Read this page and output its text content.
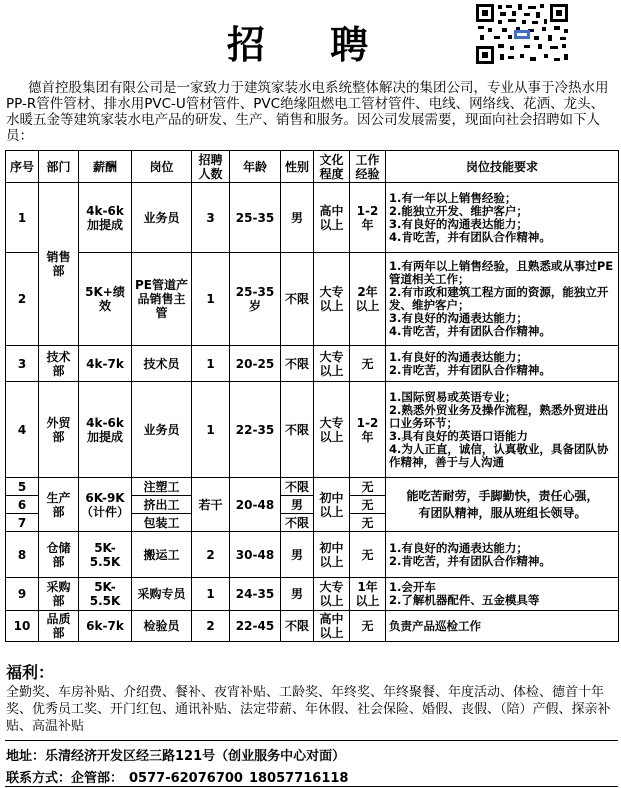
招 聘
德首控股集团有限公司是一家致力于建筑家装水电系统整体解决的集团公司，专业从事于冷热水用PP-R管件管材、排水用PVC-U管材管件、PVC绝缘阻燃电工管材管件、电线、网络线、花洒、龙头、水暖五金等建筑家装水电产品的研发、生产、销售和服务。因公司发展需要，现面向社会招聘如下人员：
序号	部门	薪酬	岗位	招聘人数	年龄	性别	文化程度	工作经验	岗位技能要求
1	销售部	4k-6k加提成	业务员	3	25-35	男	高中以上	1-2年	1.有一年以上销售经验；
2.能独立开发、维护客户；
3.有良好的沟通表达能力；
4.肯吃苦，并有团队合作精神。

2		5K+绩效	PE管道产品销售主管	1	25-35岁	不限	大专以上	2年以上	1.有两年以上销售经验，且熟悉或从事过PE管道相关工作；
2.有市政和建筑工程方面的资源，能独立开发、维护客户；
3.有良好的沟通表达能力；
4.肯吃苦，并有团队合作精神。

3	技术部	4k-7k	技术员	1	20-25	不限	大专以上	无	1.有良好的沟通表达能力；
2.肯吃苦，并有团队合作精神。

4	外贸部	4k-6k加提成	业务员	1	22-35	不限	大专以上	1-2年	1.国际贸易或英语专业；
2.熟悉外贸业务及操作流程，熟悉外贸进出口业务环节；
3.具有良好的英语口语能力
4.为人正直，诚信，认真敬业，具备团队协作精神，善于与人沟通

5	生产部	6K-9K（计件）	注塑工	若干	20-48	不限	初中以上	无	能吃苦耐劳，手脚勤快，责任心强，
有团队精神，服从班组长领导。

6			挤出工			男		无	
7			包装工			不限		无	
8	仓储部	5K-5.5K	搬运工	2	30-48	男	初中以上	无	1.有良好的沟通表达能力；
2.肯吃苦，并有团队合作精神。

9	采购部	5K-5.5K	采购专员	1	24-35	男	大专以上	1年以上	1.会开车
2.了解机器配件、五金模具等

10	品质部	6k-7k	检验员	2	22-45	不限	高中以上	无	负责产品巡检工作
福利：
全勤奖、车房补贴、介绍费、餐补、夜宵补贴、工龄奖、年终奖、年终聚餐、年度活动、体检、德首十年奖、优秀员工奖、开门红包、通讯补贴、法定带薪、年休假、社会保险、婚假、丧假、（陪）产假、探亲补贴、高温补贴
地址：乐清经济开发区经三路121号（创业服务中心对面）
联系方式：企管部： 0577-62076700 18057716118
